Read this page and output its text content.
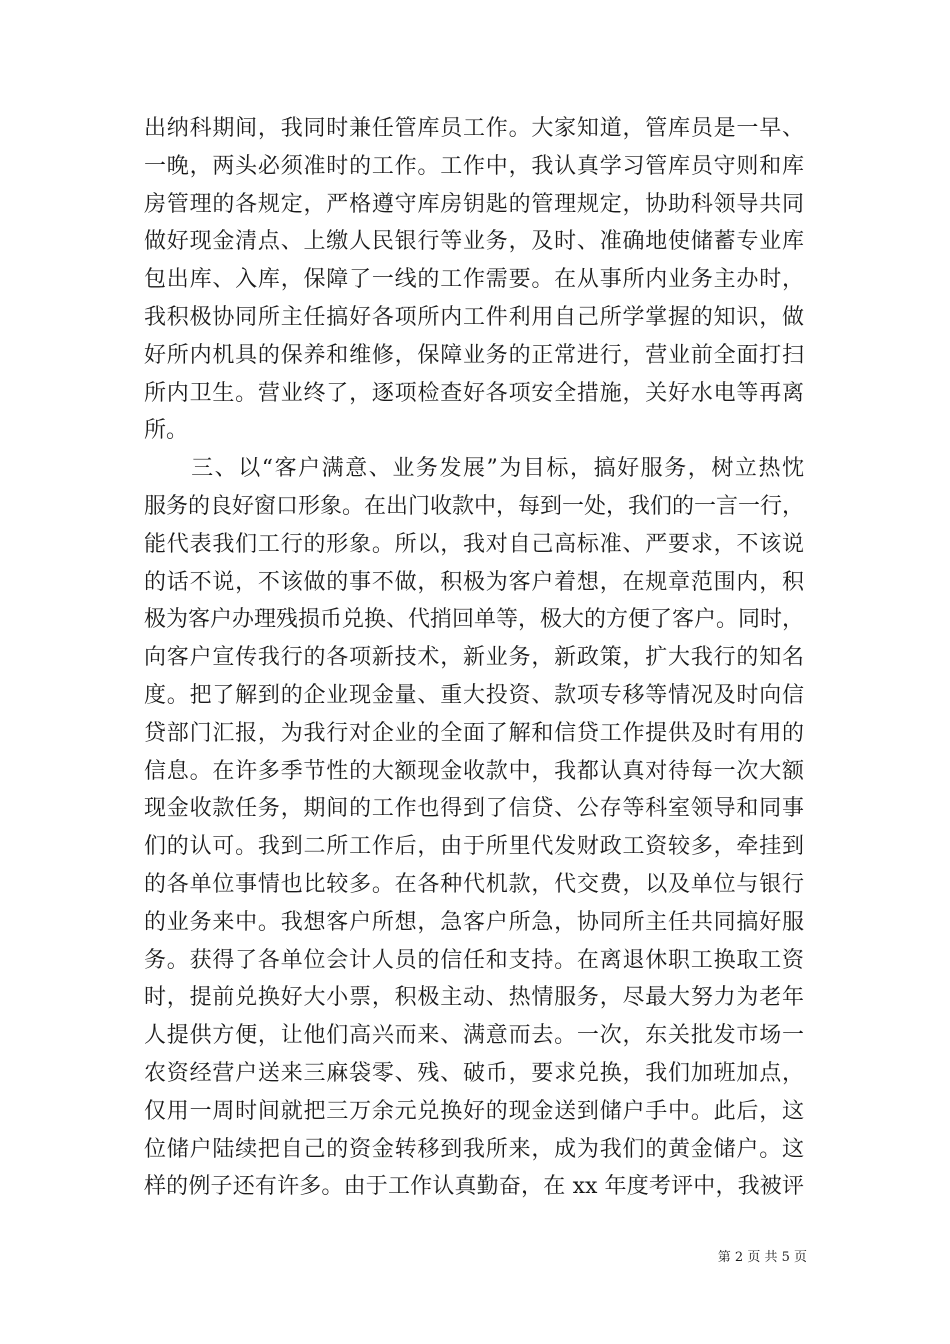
出纳科期间，我同时兼任管库员工作。大家知道，管库员是一早、
一晚，两头必须准时的工作。工作中，我认真学习管库员守则和库
房管理的各规定，严格遵守库房钥匙的管理规定，协助科领导共同
做好现金清点、上缴人民银行等业务，及时、准确地使储蓄专业库
包出库、入库，保障了一线的工作需要。在从事所内业务主办时，
我积极协同所主任搞好各项所内工件利用自己所学掌握的知识，做
好所内机具的保养和维修，保障业务的正常进行，营业前全面打扫
所内卫生。营业终了，逐项检查好各项安全措施，关好水电等再离
所。
　　三、以“客户满意、业务发展”为目标，搞好服务，树立热忱
服务的良好窗口形象。在出门收款中，每到一处，我们的一言一行，
能代表我们工行的形象。所以，我对自己高标准、严要求，不该说
的话不说，不该做的事不做，积极为客户着想，在规章范围内，积
极为客户办理残损币兑换、代捎回单等，极大的方便了客户。同时，
向客户宣传我行的各项新技术，新业务，新政策，扩大我行的知名
度。把了解到的企业现金量、重大投资、款项专移等情况及时向信
贷部门汇报，为我行对企业的全面了解和信贷工作提供及时有用的
信息。在许多季节性的大额现金收款中，我都认真对待每一次大额
现金收款任务，期间的工作也得到了信贷、公存等科室领导和同事
们的认可。我到二所工作后，由于所里代发财政工资较多，牵挂到
的各单位事情也比较多。在各种代机款，代交费，以及单位与银行
的业务来中。我想客户所想，急客户所急，协同所主任共同搞好服
务。获得了各单位会计人员的信任和支持。在离退休职工换取工资
时，提前兑换好大小票，积极主动、热情服务，尽最大努力为老年
人提供方便，让他们高兴而来、满意而去。一次，东关批发市场一
农资经营户送来三麻袋零、残、破币，要求兑换，我们加班加点，
仅用一周时间就把三万余元兑换好的现金送到储户手中。此后，这
位储户陆续把自己的资金转移到我所来，成为我们的黄金储户。这
样的例子还有许多。由于工作认真勤奋，在 xx 年度考评中，我被评
第 2 页 共 5 页
